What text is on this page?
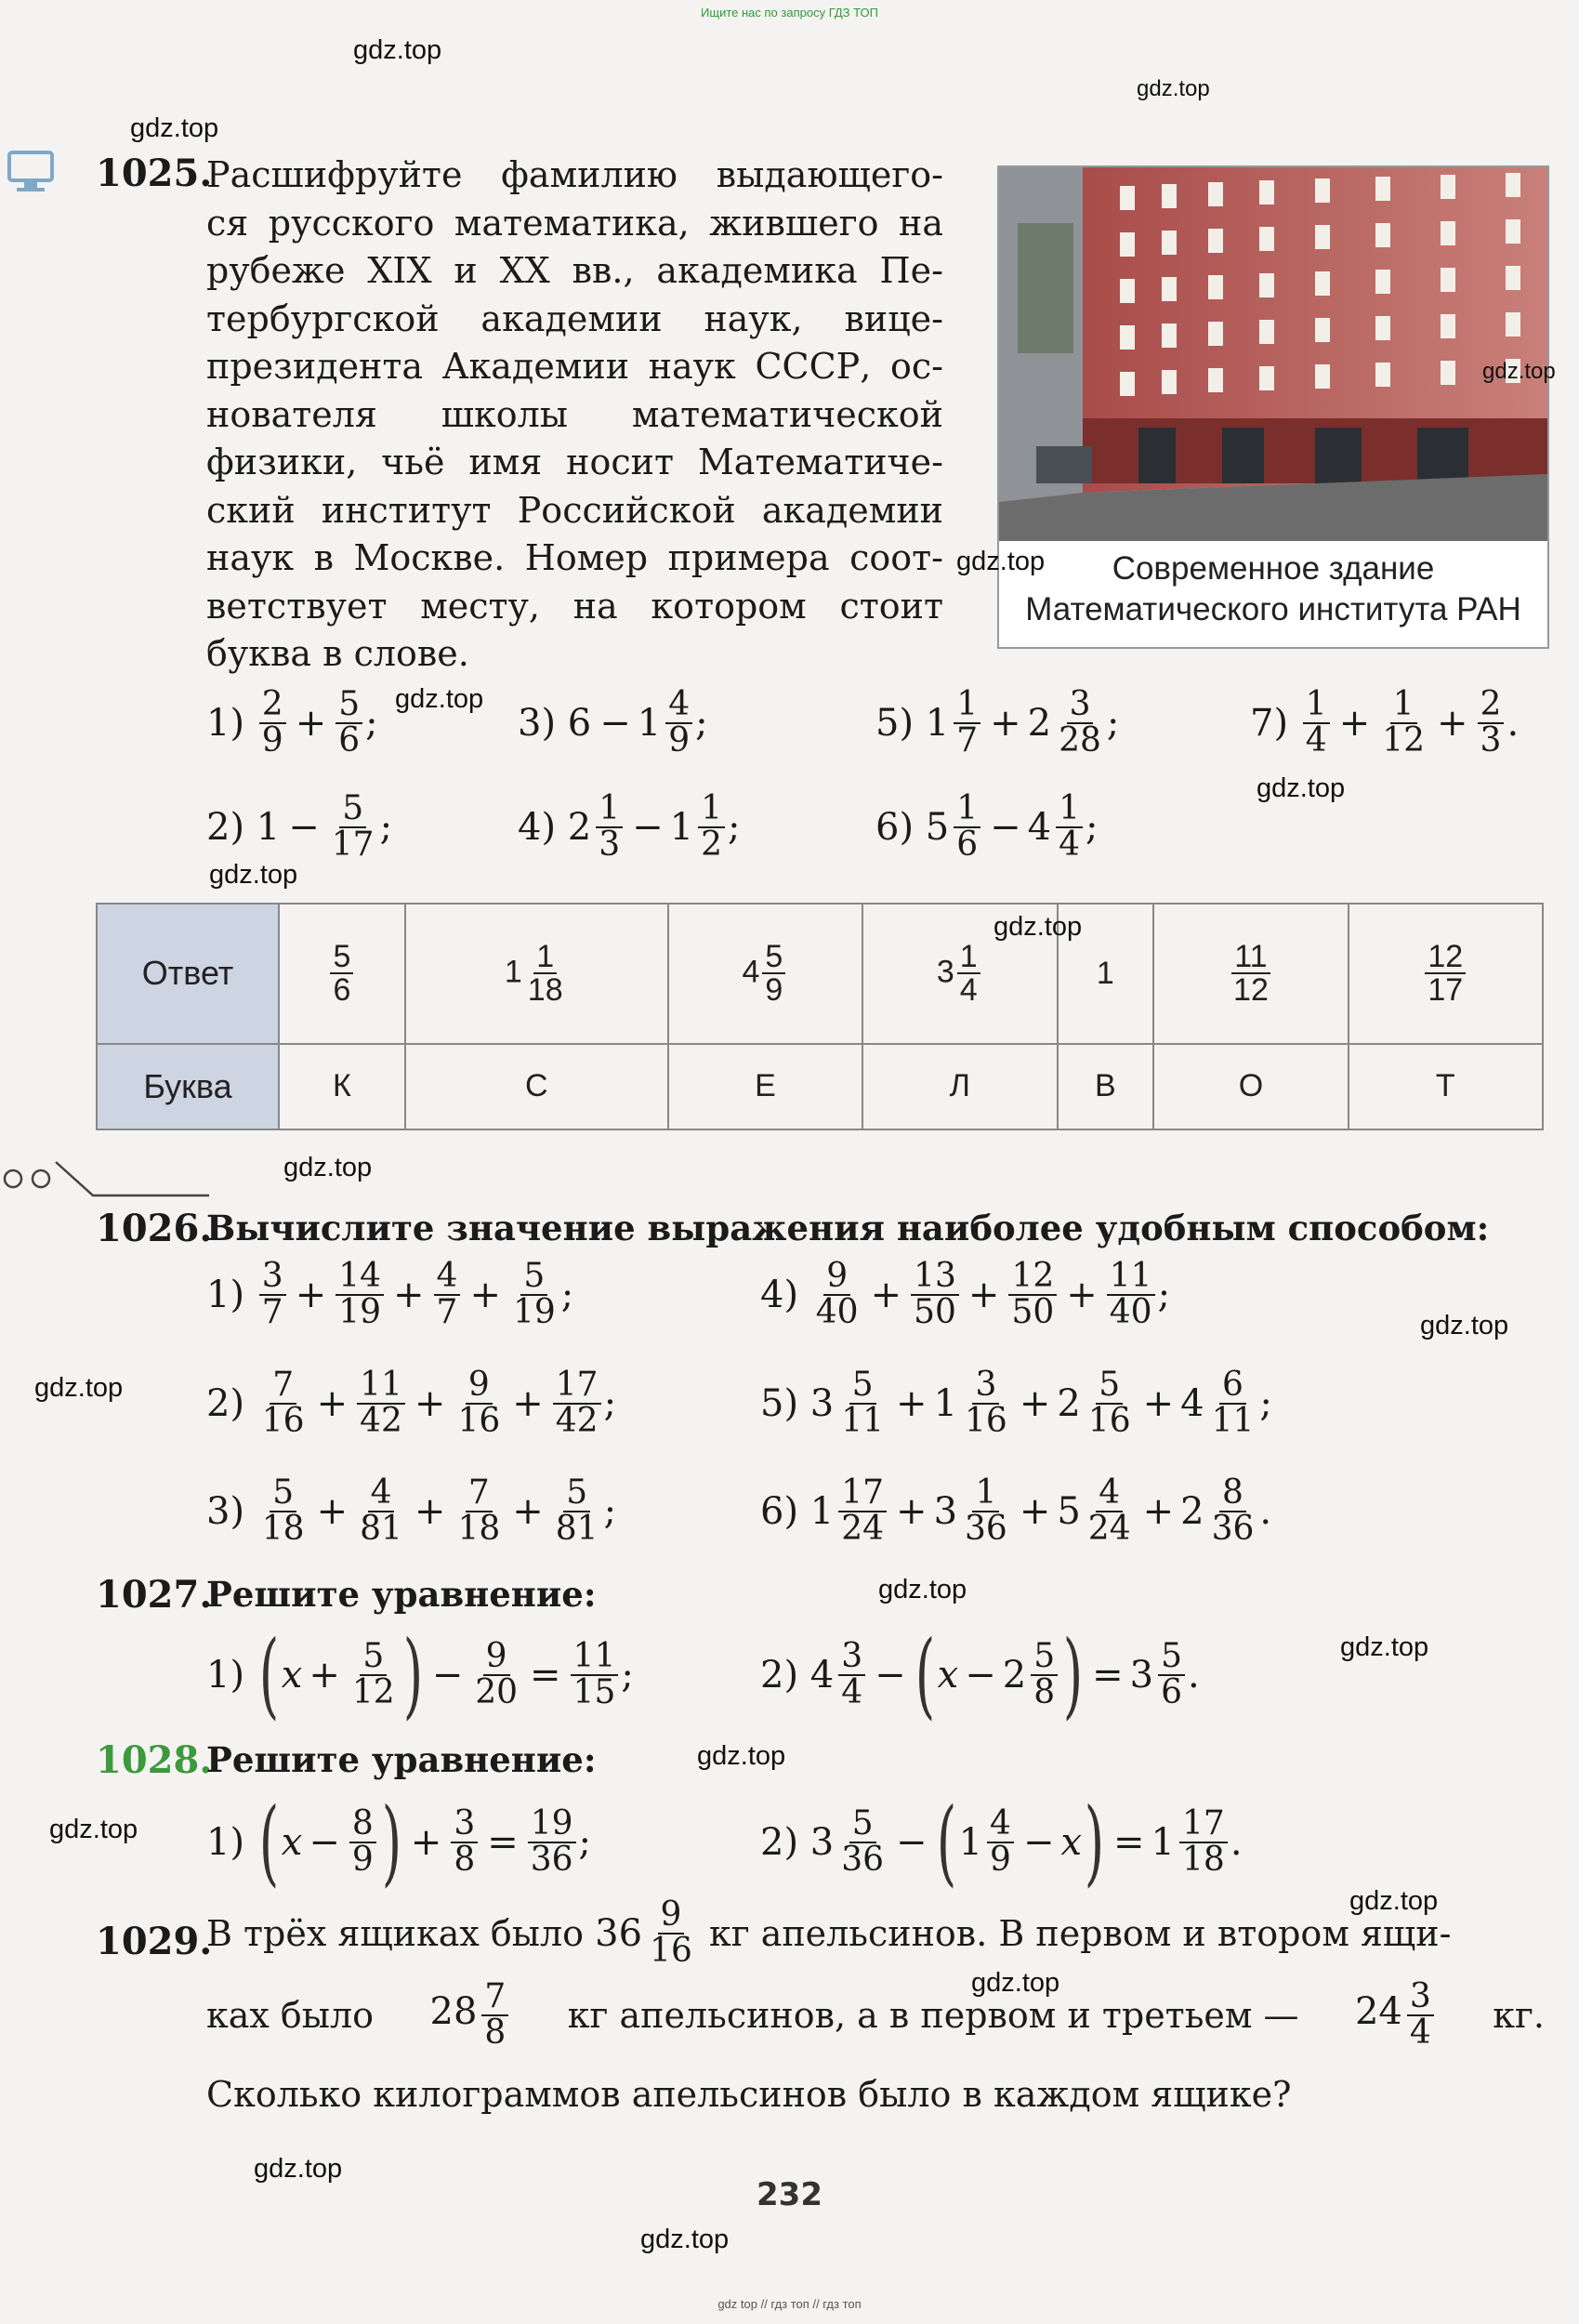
Ищите нас по запросу ГДЗ ТОП
1025.
Расшифруйте фамилию выдающего-
ся русского математика, жившего на
рубеже XIX и XX вв., академика Пе-
тербургской академии наук, вице-
президента Академии наук СССР, ос-
нователя школы математической
физики, чьё имя носит Математиче-
ский институт Российской академии
наук в Москве. Номер примера соот-
ветствует месту, на котором стоит
буква в слове.
Современное здание
Математического института РАН
1)
2
$9 + \frac{5}{6}$ ;	3)
6 − 1 4
9 ;	5)
1 1
7 + 2 3
28 ;	7)
1
$4 + \frac{1}{12} + \frac{2}{3}$ .
2)
$1 - \frac{5}{17}$ ;	4)
2 1
3 − 1 1
2 ;	6)
5 1
6 − 4 1
4 ;
Ответ	$\frac{5}{6}$	$1 \frac{1}{18}$	$4 \frac{5}{9}$	$3 \frac{1}{4}$	1	$\frac{11}{12}$	$\frac{12}{17}$

Буква	К	С	Е	Л	В	О	Т
1026.
Вычислите значение выражения наиболее удобным способом:
1) 3
$7 + \frac{14}{19} + \frac{4}{7} + \frac{5}{19}$ ;	4) 9
$40 + \frac{13}{50} + \frac{12}{50} + \frac{11}{40}$ ;
2) 7
$16 + \frac{11}{42} + \frac{9}{16} + \frac{17}{42}$ ;	5) 3 5
11 + 1 3
16 + 2 5
16 + 4 6
11 ;
3) 5
$18 + \frac{4}{81} + \frac{7}{18} + \frac{5}{81}$ ;	6) 1 17
24 + 3 1
36 + 5 4
24 + 2 8
36 .
1027.
Решите уравнение:
1) ( $x + \frac{5}{12}$ ) − $\frac{9}{20} = \frac{11}{15}$ ;	2) 4 3
4 − ( x − 2 5
8 ) = 3 5
6 .
1028.
Решите уравнение:
1) ( $x - \frac{8}{9}$ ) + $\frac{3}{8} = \frac{19}{36}$ ;	2) 3 5
36 − ( 1 4
9 − x ) = 1 17
18 .
1029.
В трёх ящиках было
36 9
16
кг апельсинов. В первом и втором ящи-
ках было $28 \frac{7}{8}$ кг апельсинов, а в первом и третьем — $24 \frac{3}{4}$ кг.
Сколько килограммов апельсинов было в каждом ящике?
232
gdz.top
gdz.top
gdz.top
gdz.top
gdz.top
gdz.top
gdz.top
gdz.top
gdz.top
gdz.top
gdz.top
gdz.top
gdz.top
gdz.top
gdz.top
gdz.top
gdz.top
gdz.top
gdz.top
gdz.top
gdz top // гдз топ // гдз топ
